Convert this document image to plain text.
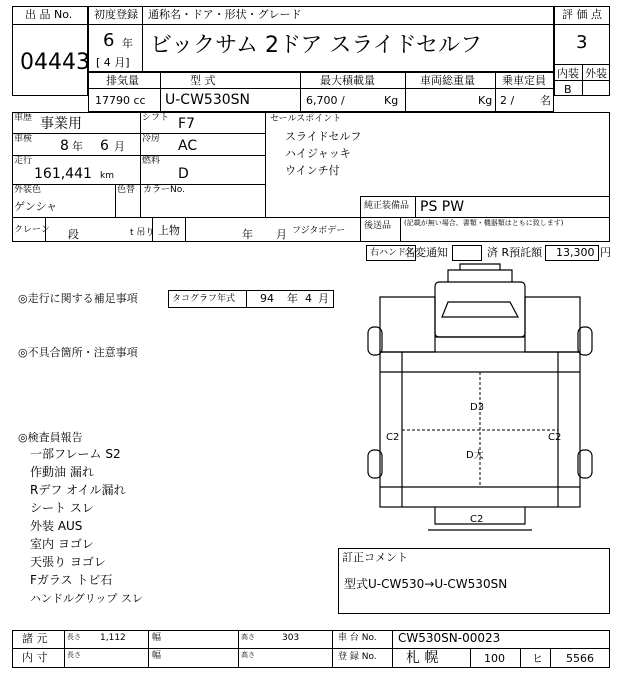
出 品 No.
04443
初度登録
6 年
[ 4 月]
通称名・ドア・形状・グレード
ビックサム 2ドア スライドセルフ
評 価 点
3
内装 外装
B
排気量	型 式	最大積載量	車両総重量 乗車定員
17790 cc U-CW530SN	6,700 /	Kg	Kg 2 / 名
車歴 事業用	シフト F7
車検 8 年 6 月
冷房 AC
走行
161,441 km
燃料
D
外装色
ゲンシャ
色替 カラーNo.
セールスポイント
スライドセルフ
ハイジャッキ
ウインチ付
純正装備品 PS PW
後送品 (記載が無い場合、書類・機器類はともに致します)
クレーン 段	t 吊り 上物	年 月 フジタボデー
右ハンドル
名変通知	済 R預託額 13,300 円
◎走行に関する補足事項	タコグラフ年式 94 年 4 月
◎不具合箇所・注意事項
◎検査員報告
一部フレーム S2
作動油 漏れ
Rデフ オイル漏れ
シート スレ
外装 AUS
室内 ヨゴレ
天張り ヨゴレ
Fガラス トビ石
ハンドルグリップ スレ
D3
C2
D大
C2
C2
訂正コメント
型式U-CW530→U-CW530SN
諸 元	長さ 1,112	幅	高さ	303	車 台 No. CW530SN-00023
内 寸	長さ	幅	高さ	登 録 No. 札 幌	100 ヒ 5566
